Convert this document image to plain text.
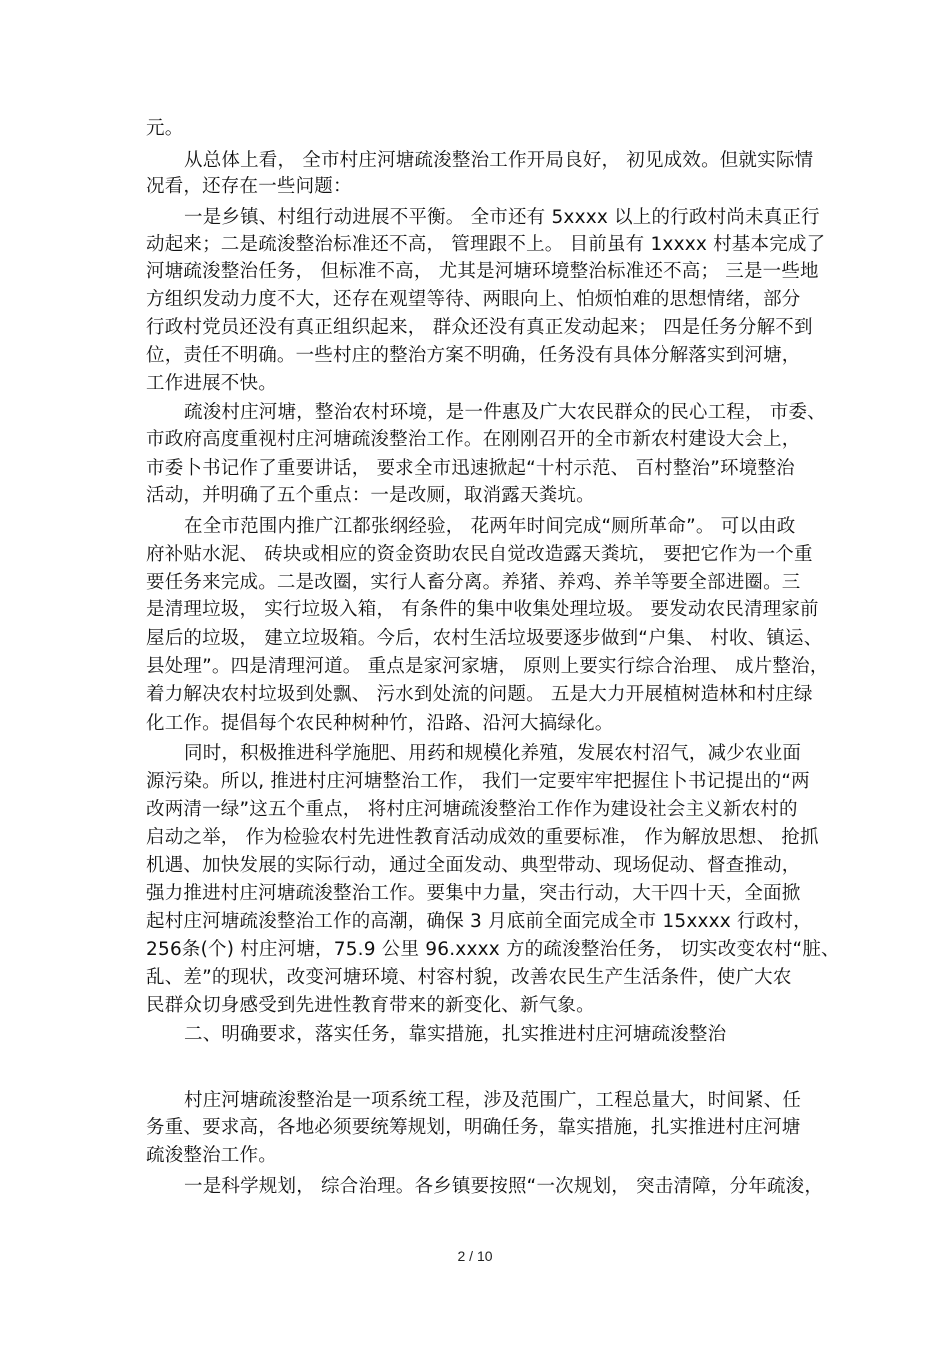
元。
从总体上看， 全市村庄河塘疏浚整治工作开局良好， 初见成效。但就实际情
况看，还存在一些问题：
一是乡镇、村组行动进展不平衡。 全市还有 5xxxx 以上的行政村尚未真正行
动起来；二是疏浚整治标准还不高， 管理跟不上。 目前虽有 1xxxx 村基本完成了
河塘疏浚整治任务， 但标准不高， 尤其是河塘环境整治标准还不高； 三是一些地
方组织发动力度不大，还存在观望等待、两眼向上、怕烦怕难的思想情绪，部分
行政村党员还没有真正组织起来， 群众还没有真正发动起来； 四是任务分解不到
位，责任不明确。一些村庄的整治方案不明确，任务没有具体分解落实到河塘，
工作进展不快。
疏浚村庄河塘，整治农村环境，是一件惠及广大农民群众的民心工程， 市委、
市政府高度重视村庄河塘疏浚整治工作。在刚刚召开的全市新农村建设大会上，
市委卜书记作了重要讲话， 要求全市迅速掀起“十村示范、 百村整治”环境整治
活动，并明确了五个重点：一是改厕，取消露天粪坑。
在全市范围内推广江都张纲经验， 花两年时间完成“厕所革命”。 可以由政
府补贴水泥、 砖块或相应的资金资助农民自觉改造露天粪坑， 要把它作为一个重
要任务来完成。二是改圈，实行人畜分离。养猪、养鸡、养羊等要全部进圈。三
是清理垃圾， 实行垃圾入箱， 有条件的集中收集处理垃圾。 要发动农民清理家前
屋后的垃圾， 建立垃圾箱。今后，农村生活垃圾要逐步做到“户集、 村收、镇运、
县处理”。四是清理河道。 重点是家河家塘， 原则上要实行综合治理、 成片整治，
着力解决农村垃圾到处飘、 污水到处流的问题。 五是大力开展植树造林和村庄绿
化工作。提倡每个农民种树种竹，沿路、沿河大搞绿化。
同时，积极推进科学施肥、用药和规模化养殖，发展农村沼气，减少农业面
源污染。所以, 推进村庄河塘整治工作， 我们一定要牢牢把握住卜书记提出的“两
改两清一绿”这五个重点， 将村庄河塘疏浚整治工作作为建设社会主义新农村的
启动之举， 作为检验农村先进性教育活动成效的重要标准， 作为解放思想、 抢抓
机遇、加快发展的实际行动，通过全面发动、典型带动、现场促动、督查推动，
强力推进村庄河塘疏浚整治工作。要集中力量，突击行动，大干四十天，全面掀
起村庄河塘疏浚整治工作的高潮，确保 3 月底前全面完成全市 15xxxx 行政村，
256条(个) 村庄河塘，75.9 公里 96.xxxx 方的疏浚整治任务， 切实改变农村“脏、
乱、差”的现状，改变河塘环境、村容村貌，改善农民生产生活条件，使广大农
民群众切身感受到先进性教育带来的新变化、新气象。
二、明确要求，落实任务，靠实措施，扎实推进村庄河塘疏浚整治
村庄河塘疏浚整治是一项系统工程，涉及范围广，工程总量大，时间紧、任
务重、要求高，各地必须要统筹规划，明确任务，靠实措施，扎实推进村庄河塘
疏浚整治工作。
一是科学规划， 综合治理。各乡镇要按照“一次规划， 突击清障，分年疏浚，
2 / 10
